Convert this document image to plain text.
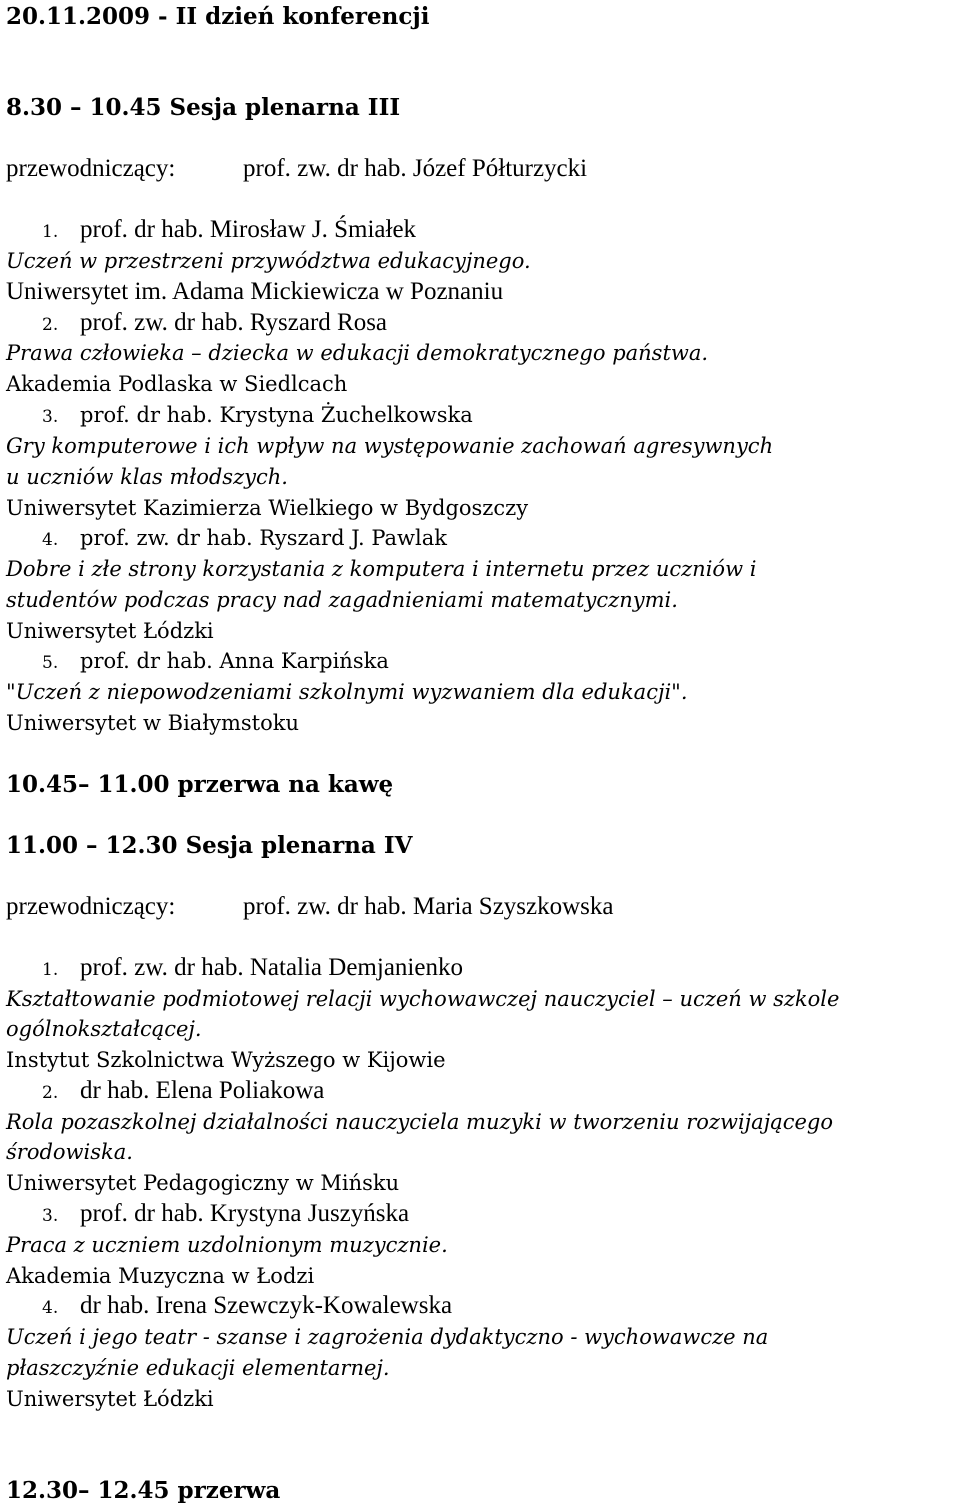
20.11.2009 - II dzień konferencji
8.30 – 10.45 Sesja plenarna III
przewodniczący:	prof. zw. dr hab. Józef Półturzycki
1. prof. dr hab. Mirosław J. Śmiałek
Uczeń w przestrzeni przywództwa edukacyjnego.
Uniwersytet im. Adama Mickiewicza w Poznaniu
2. prof. zw. dr hab. Ryszard Rosa
Prawa człowieka – dziecka w edukacji demokratycznego państwa.
Akademia Podlaska w Siedlcach
3. prof. dr hab. Krystyna Żuchelkowska
Gry komputerowe i ich wpływ na występowanie zachowań agresywnych
u uczniów klas młodszych.
Uniwersytet Kazimierza Wielkiego w Bydgoszczy
4. prof. zw. dr hab. Ryszard J. Pawlak
Dobre i złe strony korzystania z komputera i internetu przez uczniów i
studentów podczas pracy nad zagadnieniami matematycznymi.
Uniwersytet Łódzki
5. prof. dr hab. Anna Karpińska
"Uczeń z niepowodzeniami szkolnymi wyzwaniem dla edukacji".
Uniwersytet w Białymstoku
10.45– 11.00 przerwa na kawę
11.00 – 12.30 Sesja plenarna IV
przewodniczący:	prof. zw. dr hab. Maria Szyszkowska
1. prof. zw. dr hab. Natalia Demjanienko
Kształtowanie podmiotowej relacji wychowawczej nauczyciel – uczeń w szkole
ogólnokształcącej.
Instytut Szkolnictwa Wyższego w Kijowie
2. dr hab. Elena Poliakowa
Rola pozaszkolnej działalności nauczyciela muzyki w tworzeniu rozwijającego
środowiska.
Uniwersytet Pedagogiczny w Mińsku
3. prof. dr hab. Krystyna Juszyńska
Praca z uczniem uzdolnionym muzycznie.
Akademia Muzyczna w Łodzi
4. dr hab. Irena Szewczyk-Kowalewska
Uczeń i jego teatr - szanse i zagrożenia dydaktyczno - wychowawcze na
płaszczyźnie edukacji elementarnej.
Uniwersytet Łódzki
12.30– 12.45 przerwa
